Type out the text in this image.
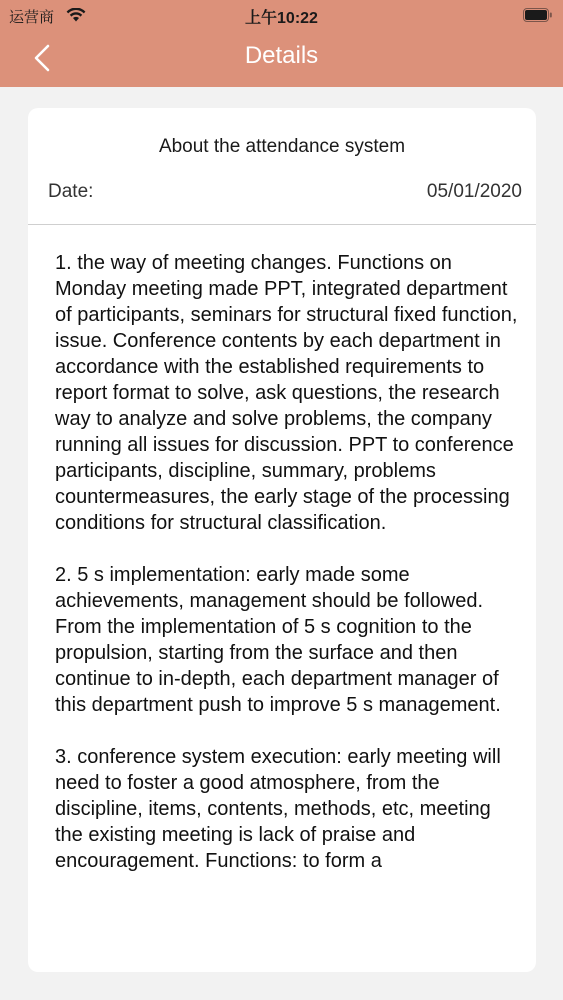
运营商	上午10:22
Details
About the attendance system
Date:	05/01/2020

1. the way of meeting changes. Functions on Monday meeting made PPT, integrated department of participants, seminars for structural fixed function, issue. Conference contents by each department in accordance with the established requirements to report format to solve, ask questions, the research way to analyze and solve problems, the company running all issues for discussion. PPT to conference participants, discipline, summary, problems countermeasures, the early stage of the processing conditions for structural classification.

2. 5 s implementation: early made some achievements, management should be followed. From the implementation of 5 s cognition to the propulsion, starting from the surface and then continue to in-depth, each department manager of this department push to improve 5 s management.

3. conference system execution: early meeting will need to foster a good atmosphere, from the discipline, items, contents, methods, etc, meeting the existing meeting is lack of praise and encouragement. Functions: to form a
